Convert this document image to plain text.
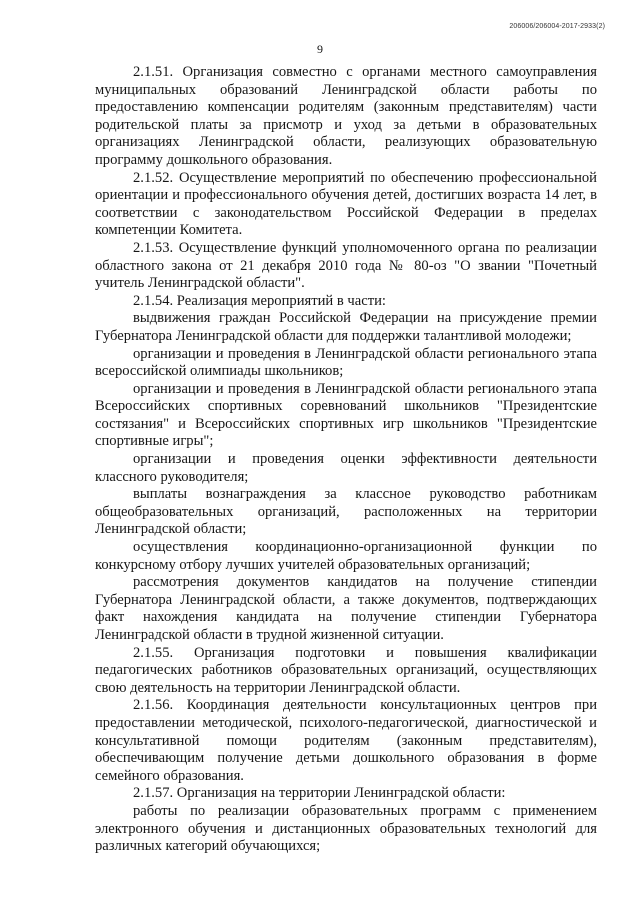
206006/206004-2017-2933(2)
9

2.1.51. Организация совместно с органами местного самоуправления муниципальных образований Ленинградской области работы по предоставлению компенсации родителям (законным представителям) части родительской платы за присмотр и уход за детьми в образовательных организациях Ленинградской области, реализующих образовательную программу дошкольного образования.

2.1.52. Осуществление мероприятий по обеспечению профессиональной ориентации и профессионального обучения детей, достигших возраста 14 лет, в соответствии с законодательством Российской Федерации в пределах компетенции Комитета.

2.1.53. Осуществление функций уполномоченного органа по реализации областного закона от 21 декабря 2010 года № 80-оз "О звании "Почетный учитель Ленинградской области".

2.1.54. Реализация мероприятий в части:

выдвижения граждан Российской Федерации на присуждение премии Губернатора Ленинградской области для поддержки талантливой молодежи;

организации и проведения в Ленинградской области регионального этапа всероссийской олимпиады школьников;

организации и проведения в Ленинградской области регионального этапа Всероссийских спортивных соревнований школьников "Президентские состязания" и Всероссийских спортивных игр школьников "Президентские спортивные игры";

организации и проведения оценки эффективности деятельности классного руководителя;

выплаты вознаграждения за классное руководство работникам общеобразовательных организаций, расположенных на территории Ленинградской области;

осуществления координационно-организационной функции по конкурсному отбору лучших учителей образовательных организаций;

рассмотрения документов кандидатов на получение стипендии Губернатора Ленинградской области, а также документов, подтверждающих факт нахождения кандидата на получение стипендии Губернатора Ленинградской области в трудной жизненной ситуации.

2.1.55. Организация подготовки и повышения квалификации педагогических работников образовательных организаций, осуществляющих свою деятельность на территории Ленинградской области.

2.1.56. Координация деятельности консультационных центров при предоставлении методической, психолого-педагогической, диагностической и консультативной помощи родителям (законным представителям), обеспечивающим получение детьми дошкольного образования в форме семейного образования.

2.1.57. Организация на территории Ленинградской области:

работы по реализации образовательных программ с применением электронного обучения и дистанционных образовательных технологий для различных категорий обучающихся;
